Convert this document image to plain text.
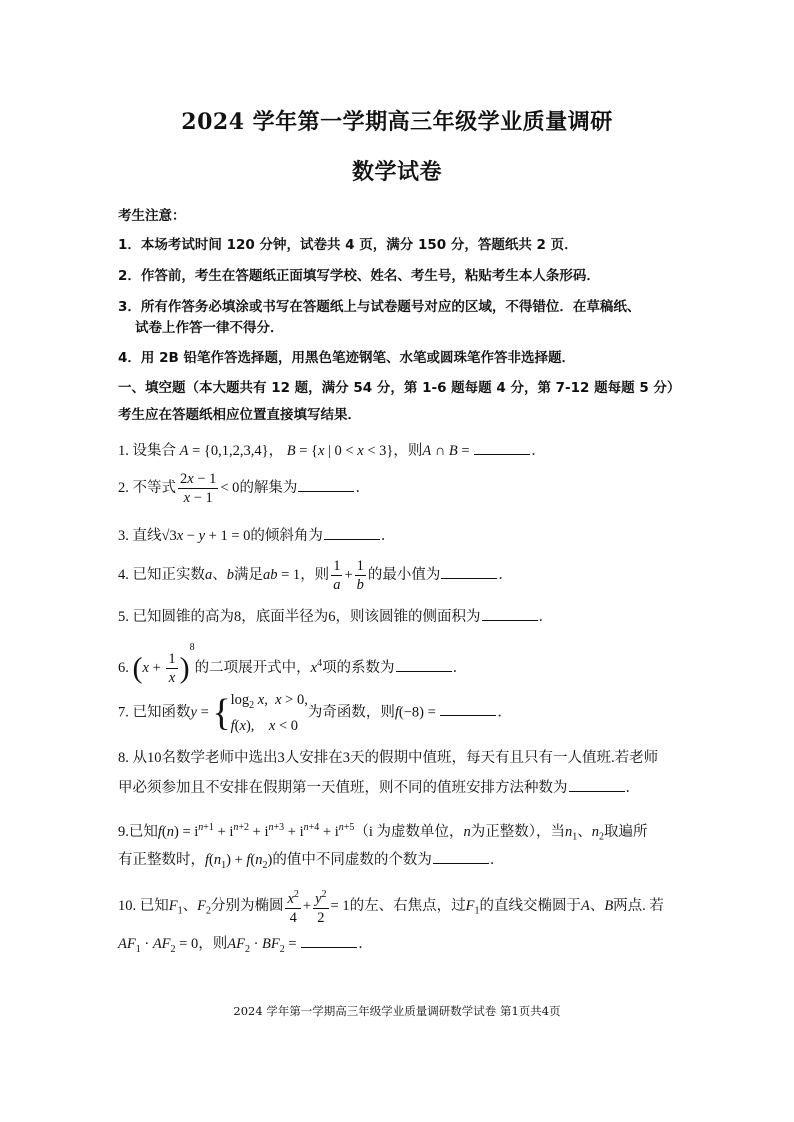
2024 学年第一学期高三年级学业质量调研
数学试卷
考生注意：
1．本场考试时间 120 分钟，试卷共 4 页，满分 150 分，答题纸共 2 页．
2．作答前，考生在答题纸正面填写学校、姓名、考生号，粘贴考生本人条形码．
3．所有作答务必填涂或书写在答题纸上与试卷题号对应的区域，不得错位．在草稿纸、
试卷上作答一律不得分．
4．用 2B 铅笔作答选择题，用黑色笔迹钢笔、水笔或圆珠笔作答非选择题．
一、填空题（本大题共有 12 题，满分 54 分，第 1-6 题每题 4 分，第 7-12 题每题 5 分）
考生应在答题纸相应位置直接填写结果．
1. 设集合 A = {0,1,2,3,4}， B = {x | 0 < x < 3}，则A ∩ B =	．
2. 不等式 $\frac{2x - 1}{x - 1} < 0$的解集为	．
3. 直线√3x − y + 1 = 0的倾斜角为	．
4. 已知正实数a、b满足ab = 1，则 $\frac{1}{a} + \frac{1}{b}$ 的最小值为	．
5. 已知圆锥的高为8，底面半径为6，则该圆锥的侧面积为	．
6. $(x + \frac{1}{x} )^8$的二项展开式中，$x^4$项的系数为	．
7. 已知函数y = { $\log_2 x$,  x > 0,
f(x),    x < 0
为奇函数，则f(−8) =	．
8. 从10名数学老师中选出3人安排在3天的假期中值班，每天有且只有一人值班.若老师
甲必须参加且不安排在假期第一天值班，则不同的值班安排方法种数为	．
9.已知$f(n) = i^{n+1} + i^{n+2} + i^{n+3} + i^{n+4} + i^{n+5}(i$ 为虚数单位，n为正整数），当$n_1$、$n_2$取遍所
有正整数时，$f(n_1) + f(n_2)$的值中不同虚数的个数为	．
10. 已知$F_1$、$F_2$分别为椭圆 $\frac{x^2}{4} + \frac{y^2}{2} = 1$的左、右焦点，过$F_1$的直线交椭圆于A、B两点. 若
$AF_1 \cdot AF_2 = 0$，则$AF_2 \cdot BF_2$ =	．
2024 学年第一学期高三年级学业质量调研数学试卷 第1页共4页
